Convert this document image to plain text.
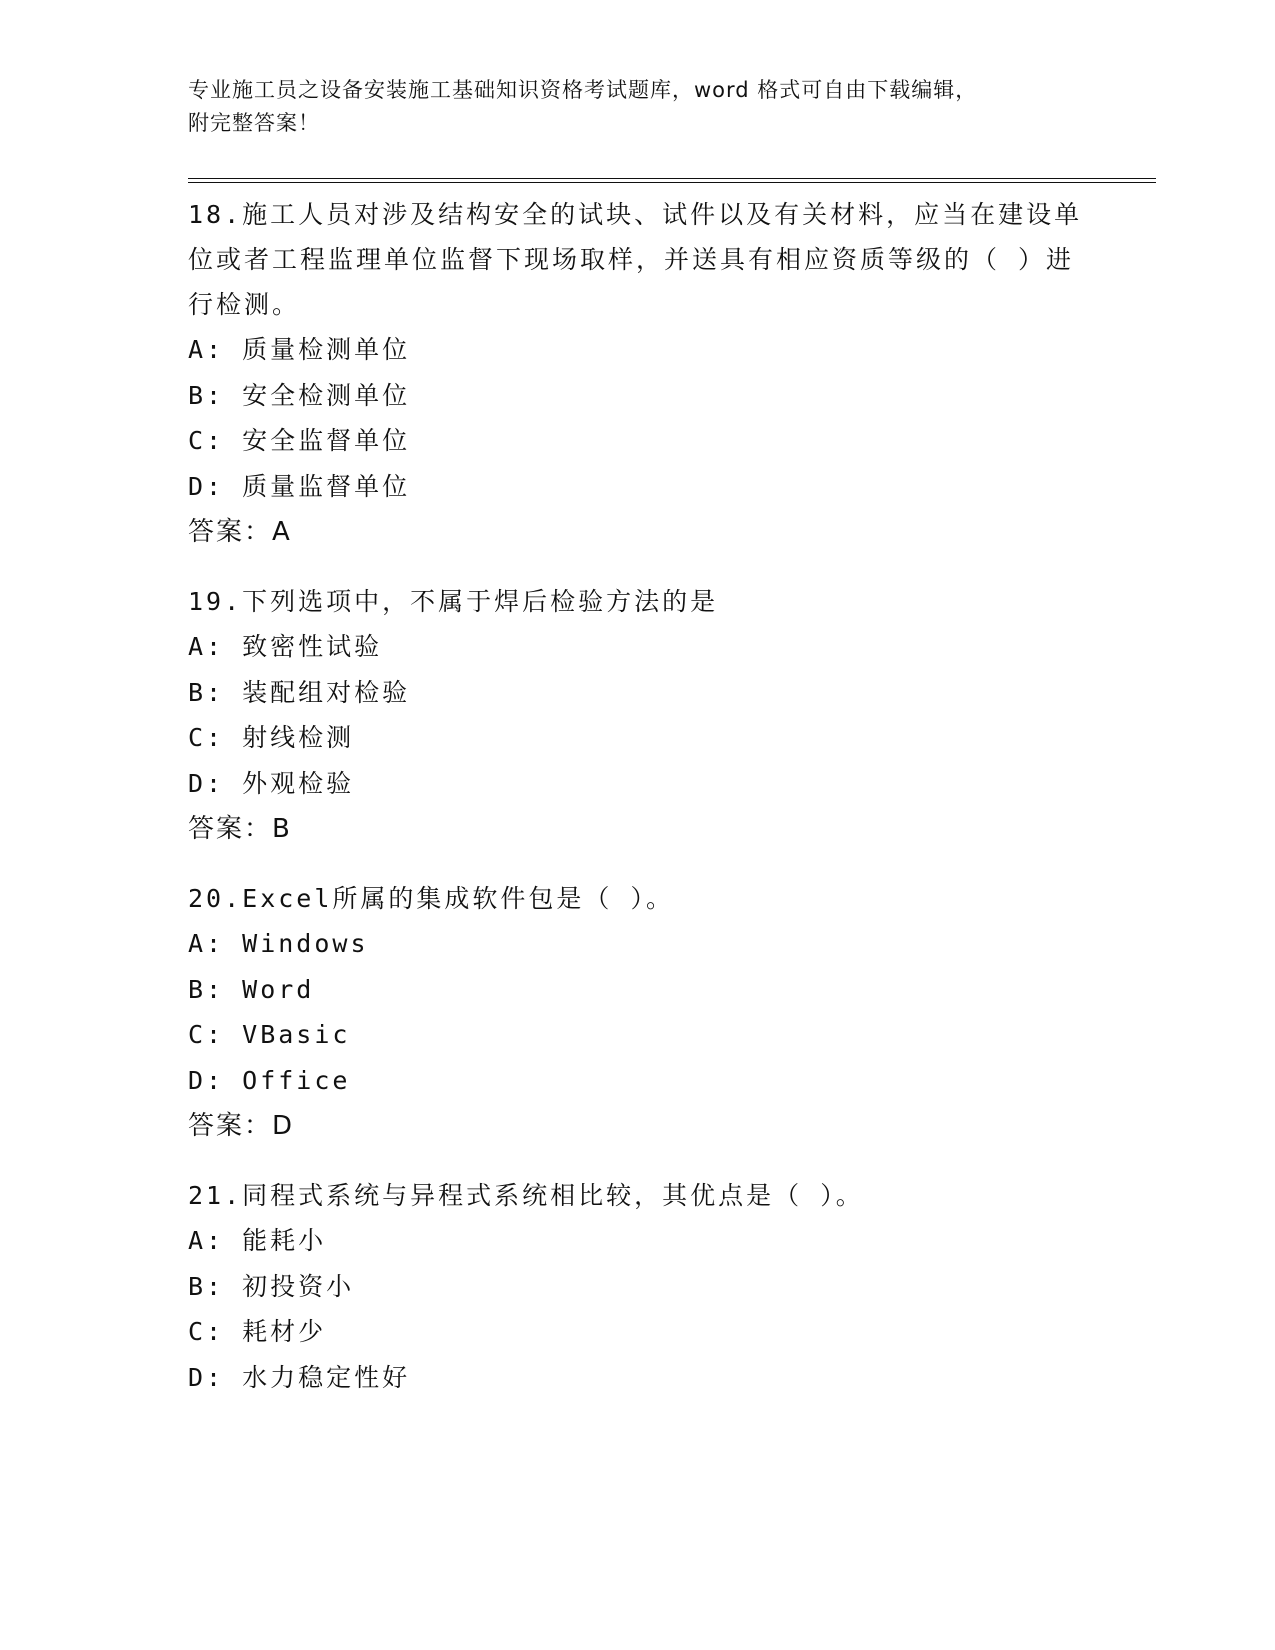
专业施工员之设备安装施工基础知识资格考试题库，word 格式可自由下载编辑，

附完整答案！

18.施工人员对涉及结构安全的试块、试件以及有关材料，应当在建设单位或者工程监理单位监督下现场取样，并送具有相应资质等级的（ ）进行检测。

A: 质量检测单位

B: 安全检测单位

C: 安全监督单位

D: 质量监督单位

答案：A

19.下列选项中，不属于焊后检验方法的是

A: 致密性试验

B: 装配组对检验

C: 射线检测

D: 外观检验

答案：B

20.Excel所属的集成软件包是（ ）。

A: Windows

B: Word

C: VBasic

D: Office

答案：D

21.同程式系统与异程式系统相比较，其优点是（ ）。

A: 能耗小

B: 初投资小

C: 耗材少

D: 水力稳定性好
